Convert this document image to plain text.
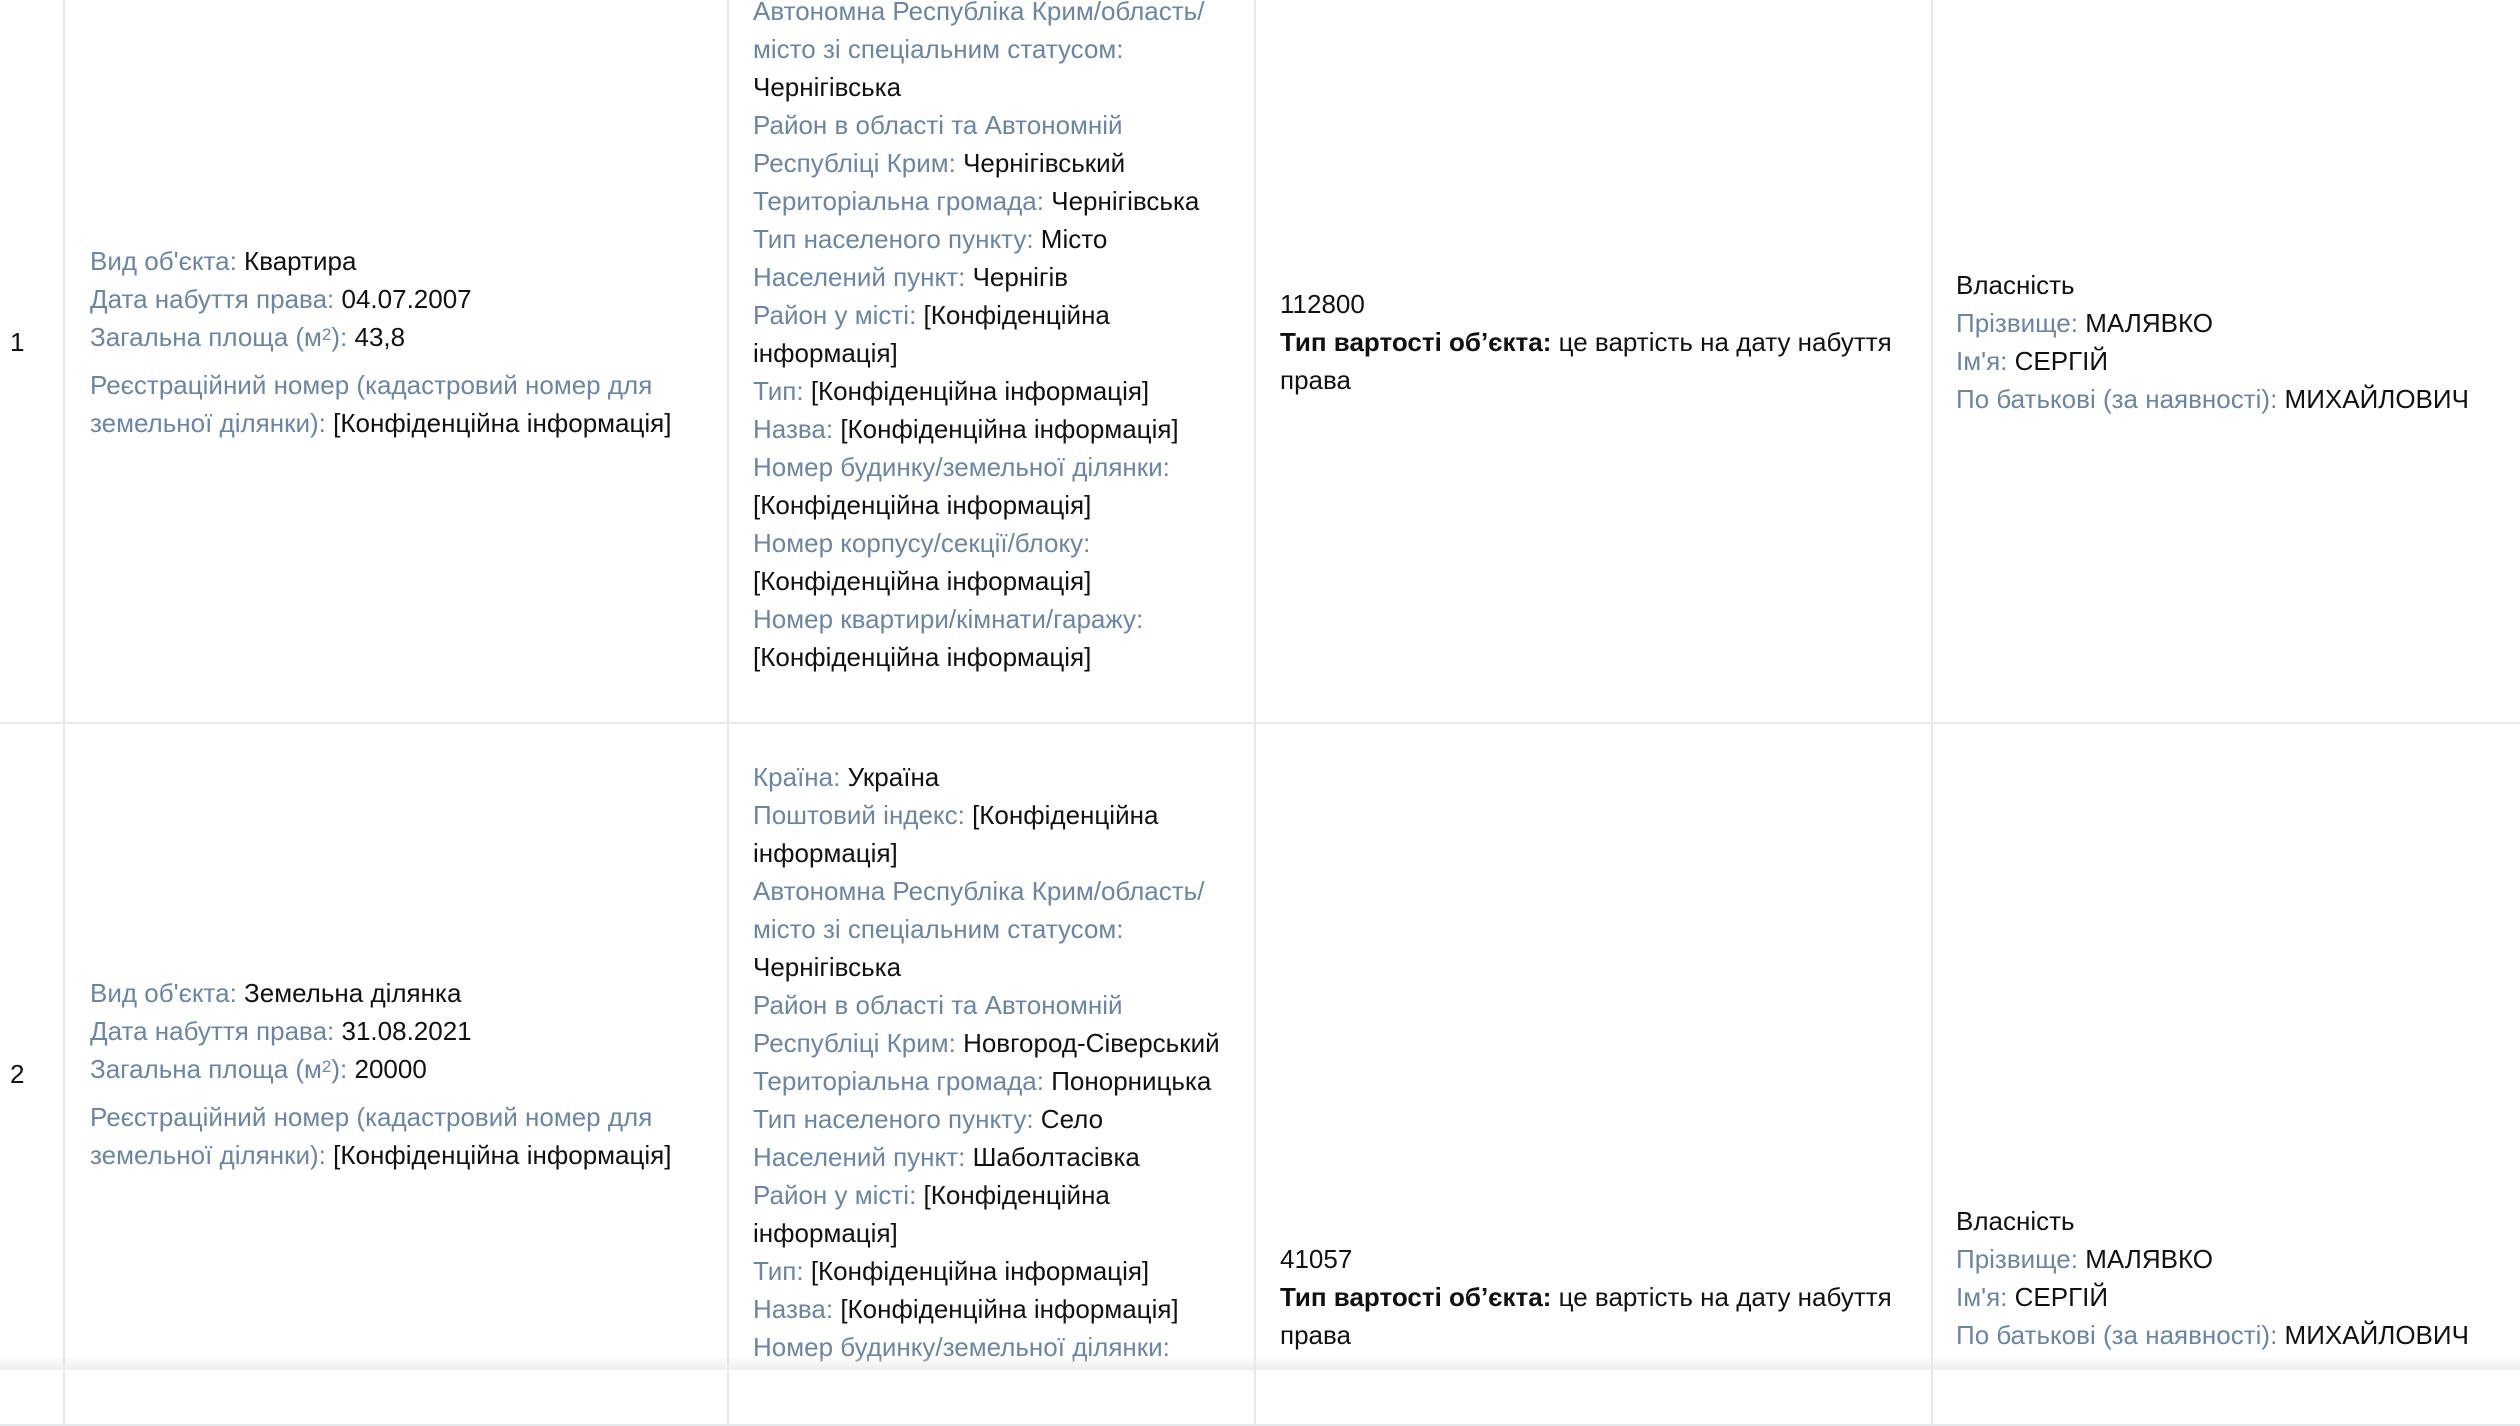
1
Вид об'єкта: Квартира
Дата набуття права: 04.07.2007
Загальна площа $(м^2)$: 43,8
Реєстраційний номер (кадастровий номер для земельної ділянки): [Конфіденційна інформація]
Автономна Республіка Крим/область/ місто зі спеціальним статусом: Чернігівська
Район в області та Автономній Республіці Крим: Чернігівський
Територіальна громада: Чернігівська
Тип населеного пункту: Місто
Населений пункт: Чернігів
Район у місті: [Конфіденційна інформація]
Тип: [Конфіденційна інформація]
Назва: [Конфіденційна інформація]
Номер будинку/земельної ділянки: [Конфіденційна інформація]
Номер корпусу/секції/блоку: [Конфіденційна інформація]
Номер квартири/кімнати/гаражу: [Конфіденційна інформація]
112800
Тип вартості об’єкта: це вартість на дату набуття права
Власність
Прізвище: МАЛЯВКО
Ім'я: СЕРГІЙ
По батькові (за наявності): МИХАЙЛОВИЧ
2
Вид об'єкта: Земельна ділянка
Дата набуття права: 31.08.2021
Загальна площа $(м^2)$: 20000
Реєстраційний номер (кадастровий номер для земельної ділянки): [Конфіденційна інформація]
Країна: Україна
Поштовий індекс: [Конфіденційна інформація]
Автономна Республіка Крим/область/ місто зі спеціальним статусом: Чернігівська
Район в області та Автономній Республіці Крим: Новгород-Сіверський
Територіальна громада: Понорницька
Тип населеного пункту: Село
Населений пункт: Шаболтасівка
Район у місті: [Конфіденційна інформація]
Тип: [Конфіденційна інформація]
Назва: [Конфіденційна інформація]
Номер будинку/земельної ділянки:
41057
Тип вартості об’єкта: це вартість на дату набуття права
Власність
Прізвище: МАЛЯВКО
Ім'я: СЕРГІЙ
По батькові (за наявності): МИХАЙЛОВИЧ
